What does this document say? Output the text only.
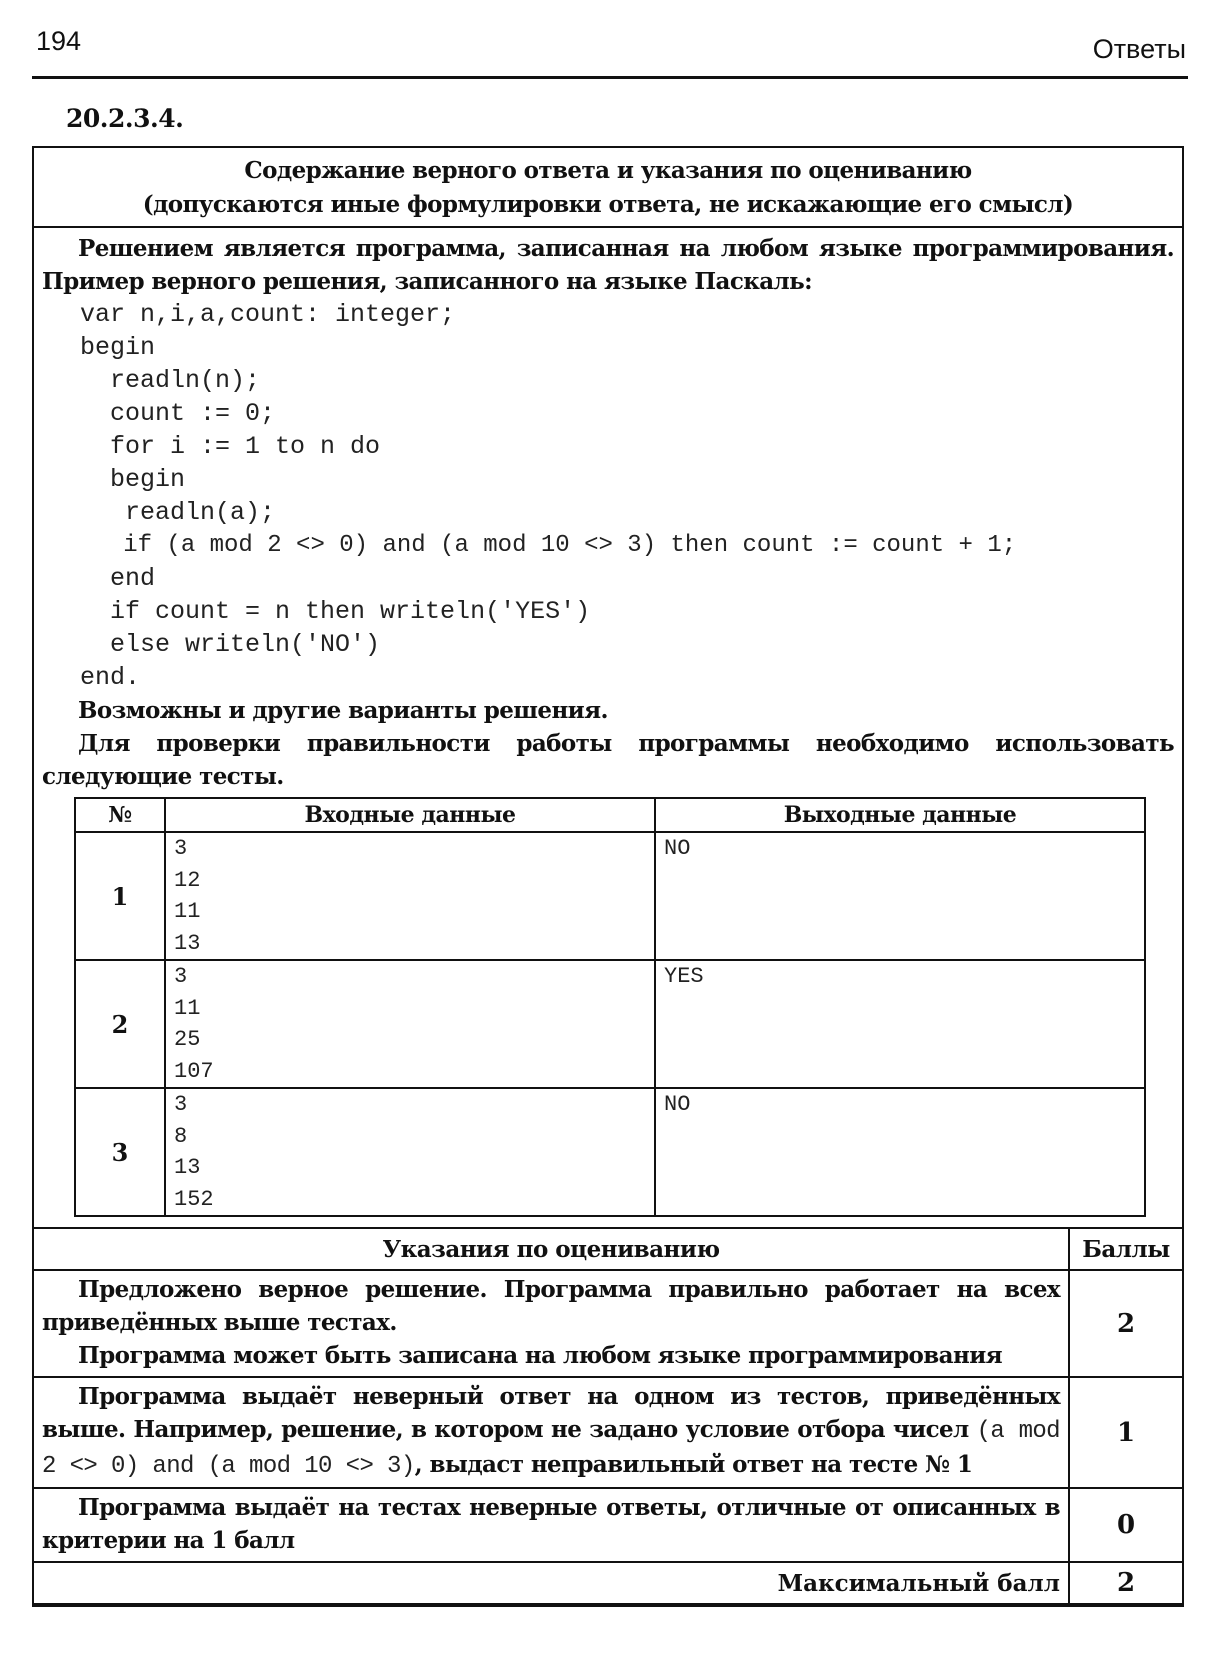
194	Ответы
20.2.3.4.
Содержание верного ответа и указания по оцениванию
(допускаются иные формулировки ответа, не искажающие его смысл)
Решением является программа, записанная на любом языке программирования. Пример верного решения, записанного на языке Паскаль:
var n,i,a,count: integer;
begin
readln(n);
count := 0;
for i := 1 to n do
begin
readln(a);
if (a mod 2 <> 0) and (a mod 10 <> 3) then count := count + 1;
end
if count = n then writeln('YES')
else writeln('NO')
end.
Возможны и другие варианты решения.
Для проверки правильности работы программы необходимо использовать следующие тесты.
№	Входные данные	Выходные данные
1	3
12
11
13	NO

2	3
11
25
107	YES

3	3
8
13
152	NO
Указания по оцениванию	Баллы

Предложено верное решение. Программа правильно работает на всех приведённых выше тестах.
Программа может быть записана на любом языке программирования	2

Программа выдаёт неверный ответ на одном из тестов, приведённых выше. Например, решение, в котором не задано условие отбора чисел (a mod 2 <> 0) and (a mod 10 <> 3), выдаст неправильный ответ на тесте № 1	1

Программа выдаёт на тестах неверные ответы, отличные от описанных в критерии на 1 балл	0
Максимальный балл	2
